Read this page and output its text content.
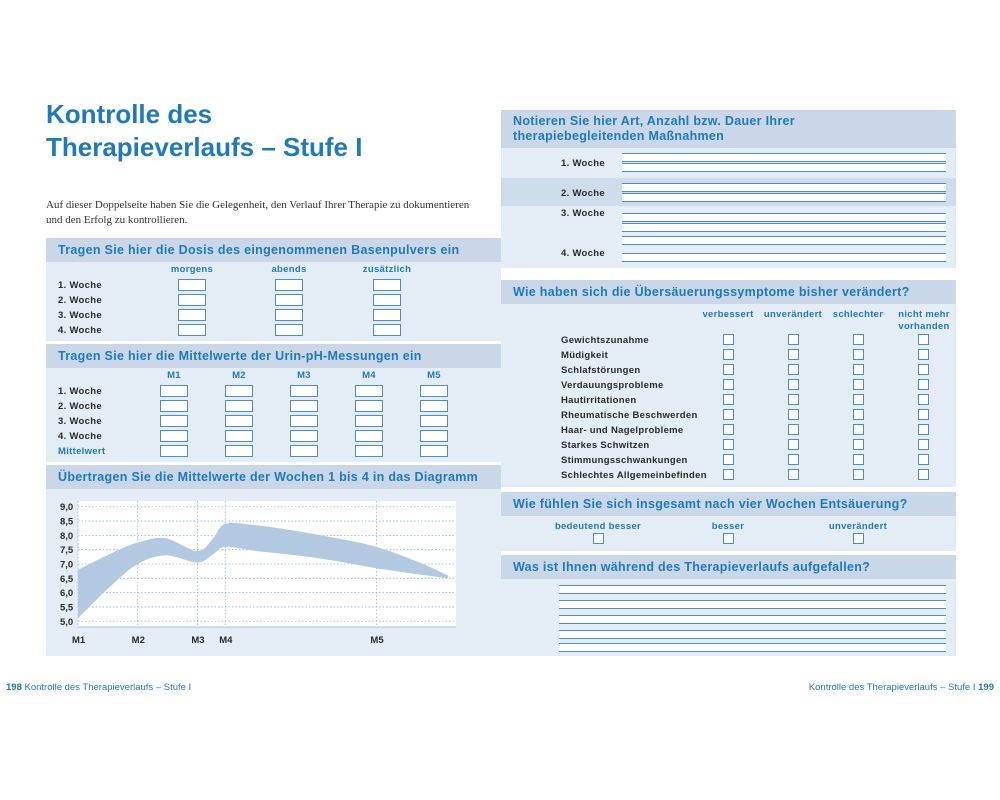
Kontrolle des
Therapieverlaufs – Stufe I
Auf dieser Doppelseite haben Sie die Gelegenheit, den Verlauf Ihrer Therapie zu dokumentieren und den Erfolg zu kontrollieren.
Tragen Sie hier die Dosis des eingenommenen Basenpulvers ein
morgens	abends	zusätzlich
1. Woche
2. Woche
3. Woche
4. Woche
Tragen Sie hier die Mittelwerte der Urin-pH-Messungen ein
M1	M2	M3	M4	M5
1. Woche
2. Woche
3. Woche
4. Woche
Mittelwert
Übertragen Sie die Mittelwerte der Wochen 1 bis 4 in das Diagramm
9,0
8,5
8,0
7,5
7,0
6,5
6,0
5,5
5,0
M1	M2	M3 M4	M5
Notieren Sie hier Art, Anzahl bzw. Dauer Ihrer
therapiebegleitenden Maßnahmen
1. Woche
2. Woche
3. Woche
4. Woche
Wie haben sich die Übersäuerungssymptome bisher verändert?
verbessert	unverändert	schlechter	nicht mehr vorhanden
Gewichtszunahme
Müdigkeit
Schlafstörungen
Verdauungsprobleme
Hautirritationen
Rheumatische Beschwerden
Haar- und Nagelprobleme
Starkes Schwitzen
Stimmungsschwankungen
Schlechtes Allgemeinbefinden
Wie fühlen Sie sich insgesamt nach vier Wochen Entsäuerung?
bedeutend besser	besser	unverändert
Was ist Ihnen während des Therapieverlaufs aufgefallen?
198 Kontrolle des Therapieverlaufs – Stufe I	Kontrolle des Therapieverlaufs – Stufe I 199
